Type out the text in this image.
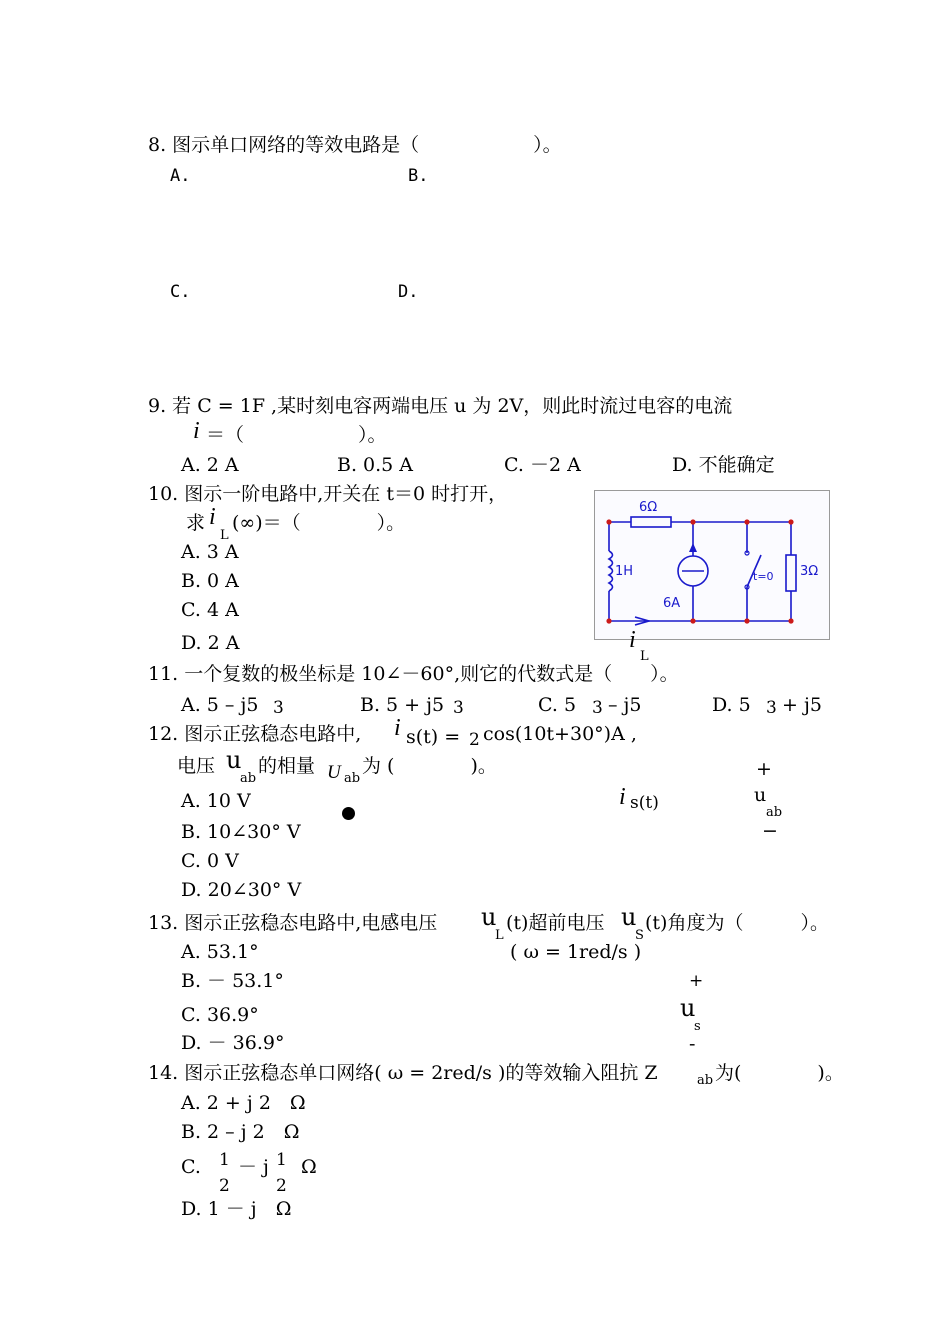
8. 图示单口网络的等效电路是（　　　　　　）。
A.	B.
C.	D.
9. 若 C = 1F ,某时刻电容两端电压 u 为 2V，则此时流过电容的电流
i ＝（　　　　　　）。
A. 2 A	B. 0.5 A	C. －2 A	D. 不能确定
10. 图示一阶电路中,开关在 t＝0 时打开，
求 i
L
(∞)＝（　　　　）。
A. 3 A
B. 0 A
C. 4 A
D. 2 A
6Ω
1H
6A
t=0 3Ω
i
L
11. 一个复数的极坐标是 10∠－60°,则它的代数式是（　　）。
A. 5 – j5 3	B. 5 + j5 3	C. 5 3 – j5	D. 5 3 + j5
12. 图示正弦稳态电路中, i s(t) = 2 cos(10t+30°)A ,
电压 u
ab
的相量 U ab
为 (　　　　)。
A. 10 V
B. 10∠30° V
C. 0 V
D. 20∠30° V
i s(t)
+
u
ab
−
13. 图示正弦稳态电路中,电感电压 u
L
(t)超前电压 u
S
(t)角度为（　　　）。
A. 53.1°	( ω = 1red/s )
B. － 53.1°
C. 36.9°
D. － 36.9°
+
u
s
-
14. 图示正弦稳态单口网络( ω = 2red/s )的等效输入阻抗 Z	ab 为(　　　　)。
A. 2 + j 2　Ω
B. 2 – j 2　Ω
C. 1
2
－ j 1
2
Ω
D. 1 － j　Ω
